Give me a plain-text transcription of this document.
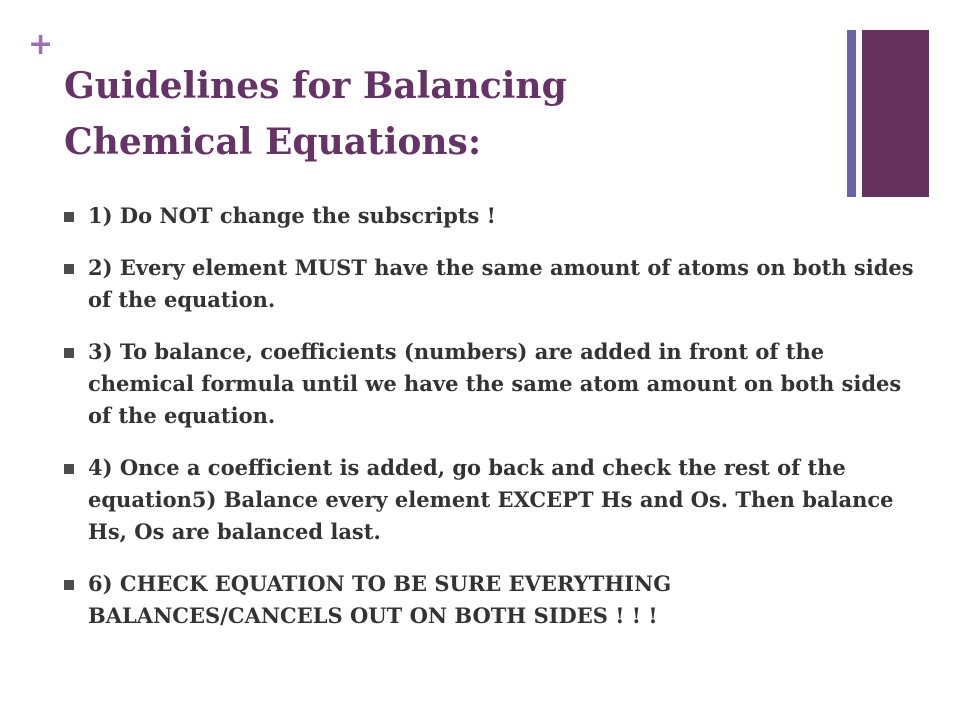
+
Guidelines for Balancing
Chemical Equations:
1) Do NOT change the subscripts !
2) Every element MUST have the same amount of atoms on both sides of the equation.
3) To balance, coefficients (numbers) are added in front of the chemical formula until we have the same atom amount on both sides of the equation.
4) Once a coefficient is added, go back and check the rest of the equation5) Balance every element EXCEPT Hs and Os. Then balance Hs, Os are balanced last.
6) CHECK EQUATION TO BE SURE EVERYTHING BALANCES/CANCELS OUT ON BOTH SIDES ! ! !
